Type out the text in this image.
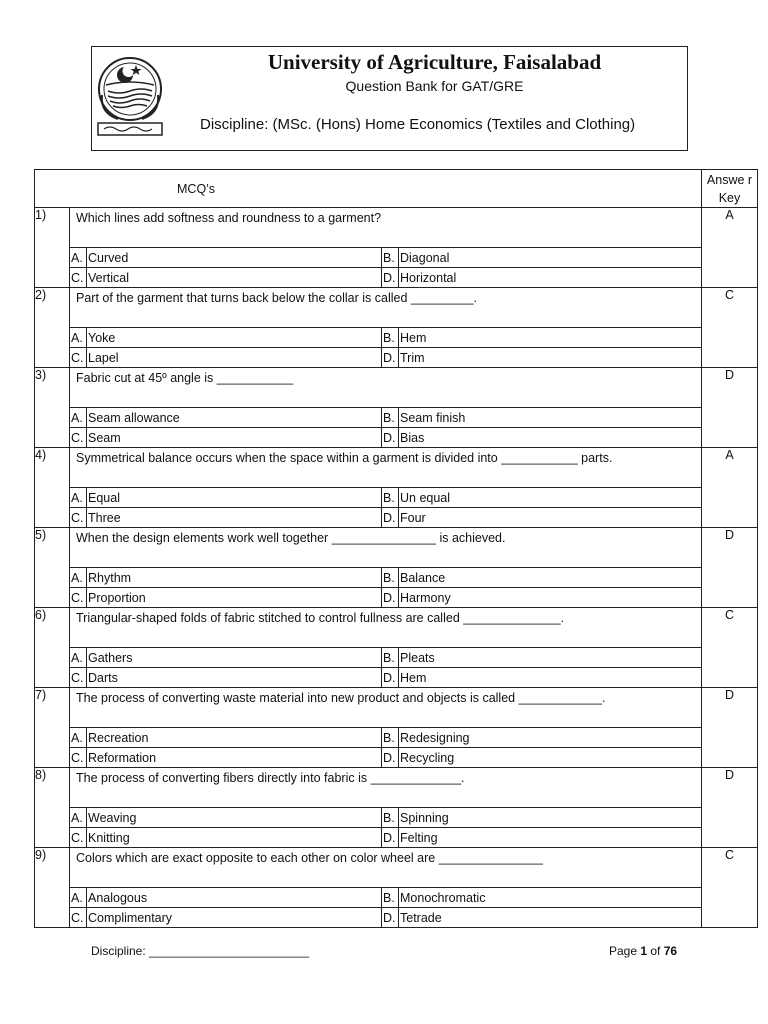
University of Agriculture, Faisalabad
Question Bank for GAT/GRE
Discipline: (MSc. (Hons) Home Economics (Textiles and Clothing)
MCQ’s
	Answe r Key
1)	Which lines add softness and roundness to a garment?
A.	Curved	B.	Diagonal
C.	Vertical	D.	Horizontal
	A
2)	Part of the garment that turns back below the collar is called _________.
A.	Yoke	B.	Hem
C.	Lapel	D.	Trim
	C
3)	Fabric cut at 45º angle is ___________
A.	Seam allowance	B.	Seam finish
C.	Seam	D.	Bias
	D
4)	Symmetrical balance occurs when the space within a garment is divided into ___________ parts.
A.	Equal	B.	Un equal
C.	Three	D.	Four
	A
5)	When the design elements work well together _______________ is achieved.
A.	Rhythm	B.	Balance
C.	Proportion	D.	Harmony
	D
6)	Triangular-shaped folds of fabric stitched to control fullness are called ______________.
A.	Gathers	B.	Pleats
C.	Darts	D.	Hem
	C
7)	The process of converting waste material into new product and objects is called ____________.
A.	Recreation	B.	Redesigning
C.	Reformation	D.	Recycling
	D
8)	The process of converting fibers directly into fabric is _____________.
A.	Weaving	B.	Spinning
C.	Knitting	D.	Felting
	D
9)	Colors which are exact opposite to each other on color wheel are _______________
A.	Analogous	B.	Monochromatic
C.	Complimentary	D.	Tetrade
	C
Discipline: ________________________	Page 1 of 76
